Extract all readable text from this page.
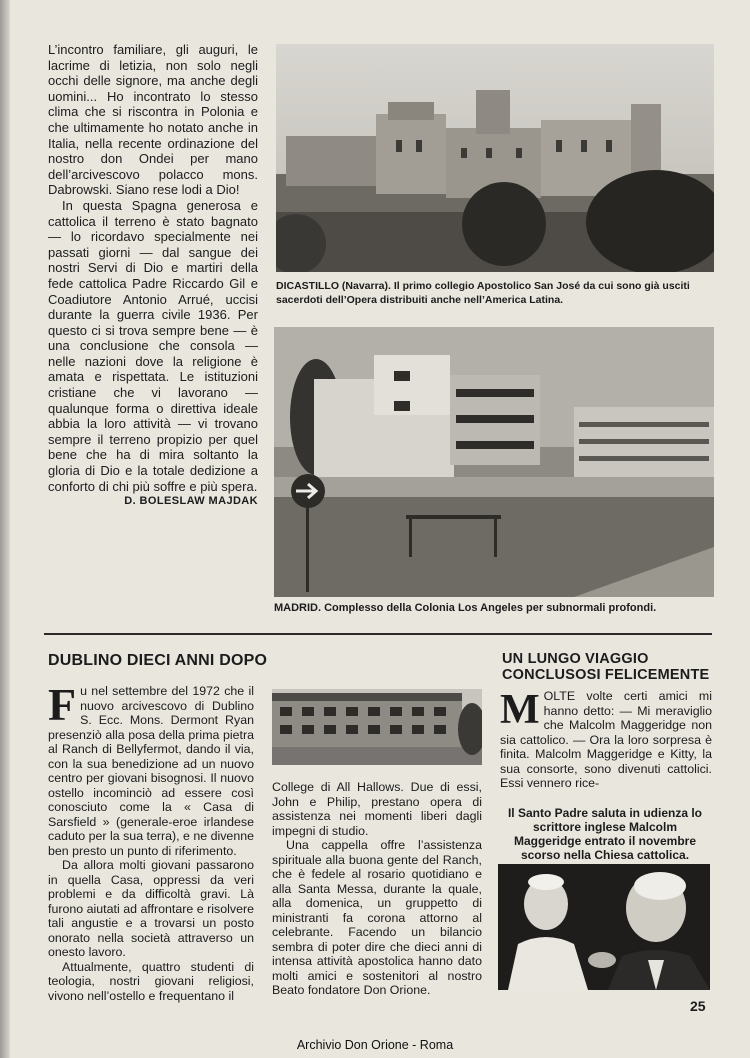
L’incontro familiare, gli auguri, le lacrime di letizia, non solo negli occhi delle signore, ma anche degli uomini... Ho incontrato lo stesso clima che si riscontra in Polonia e che ultimamente ho notato anche in Italia, nella recente ordinazione del nostro don Ondei per mano dell’arcivescovo polacco mons. Dabrowski. Siano rese lodi a Dio!

In questa Spagna generosa e cattolica il terreno è stato bagnato — lo ricordavo specialmente nei passati giorni — dal sangue dei nostri Servi di Dio e martiri della fede cattolica Padre Riccardo Gil e Coadiutore Antonio Arrué, uccisi durante la guerra civile 1936. Per questo ci si trova sempre bene — è una conclusione che consola — nelle nazioni dove la religione è amata e rispettata. Le istituzioni cristiane che vi lavorano — qualunque forma o direttiva ideale abbia la loro attività — vi trovano sempre il terreno propizio per quel bene che ha di mira soltanto la gloria di Dio e la totale dedizione a conforto di chi più soffre e più spera.

D. BOLESLAW MAJDAK

DICASTILLO (Navarra). Il primo collegio Apostolico San José da cui sono già usciti sacerdoti dell’Opera distribuiti anche nell’America Latina.
MADRID. Complesso della Colonia Los Angeles per subnormali profondi.
DUBLINO DIECI ANNI DOPO

Fu nel settembre del 1972 che il nuovo arcivescovo di Dublino S. Ecc. Mons. Dermont Ryan presenziò alla posa della prima pietra al Ranch di Bellyfermot, dando il via, con la sua benedizione ad un nuovo centro per giovani bisognosi. Il nuovo ostello incominciò ad essere così conosciuto come la « Casa di Sarsfield » (generale-eroe irlandese caduto per la sua terra), e ne divenne ben presto un punto di riferimento.

Da allora molti giovani passarono in quella Casa, oppressi da veri problemi e da difficoltà gravi. Là furono aiutati ad affrontare e risolvere tali angustie e a trovarsi un posto onorato nella società attraverso un onesto lavoro.

Attualmente, quattro studenti di teologia, nostri giovani religiosi, vivono nell’ostello e frequentano il

College di All Hallows. Due di essi, John e Philip, prestano opera di assistenza nei momenti liberi dagli impegni di studio.

Una cappella offre l’assistenza spirituale alla buona gente del Ranch, che è fedele al rosario quotidiano e alla Santa Messa, durante la quale, alla domenica, un gruppetto di ministranti fa corona attorno al celebrante. Facendo un bilancio sembra di poter dire che dieci anni di intensa attività apostolica hanno dato molti amici e sostenitori al nostro Beato fondatore Don Orione.

UN LUNGO VIAGGIO
CONCLUSOSI FELICEMENTE

MOLTE volte certi amici mi hanno detto: — Mi meraviglio che Malcolm Maggeridge non sia cattolico. — Ora la loro sorpresa è finita. Malcolm Maggeridge e Kitty, la sua consorte, sono divenuti cattolici. Essi vennero rice-

Il Santo Padre saluta in udienza lo scrittore inglese Malcolm Maggeridge entrato il novembre scorso nella Chiesa cattolica.
25
Archivio Don Orione - Roma
